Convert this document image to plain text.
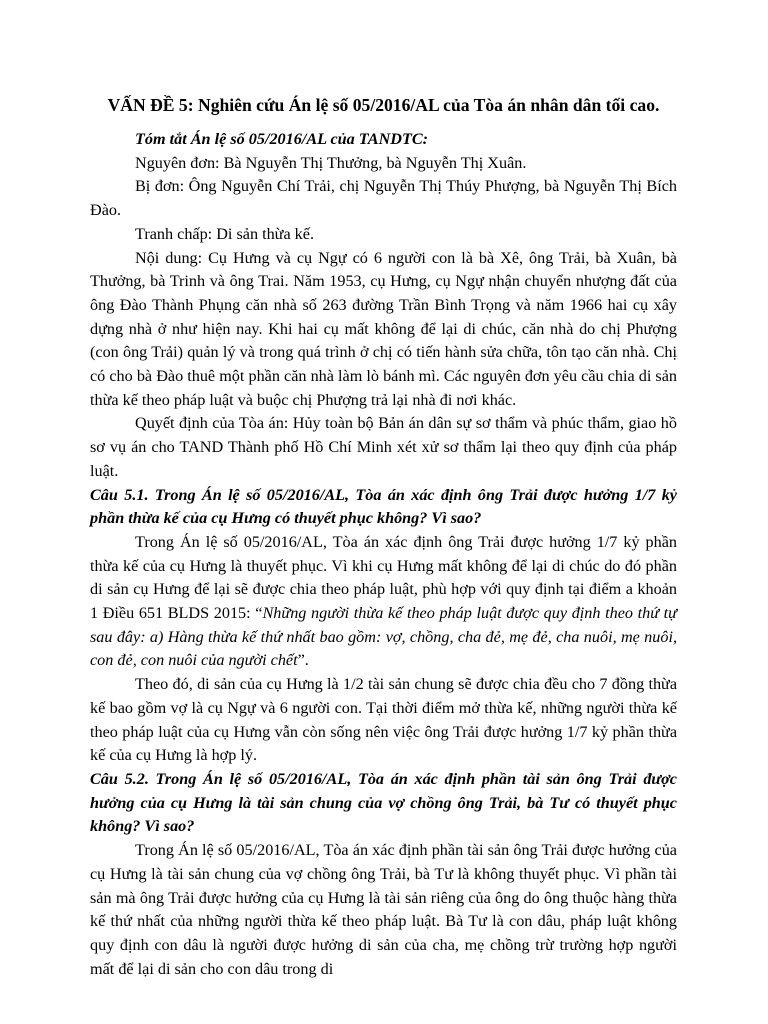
VẤN ĐỀ 5: Nghiên cứu Án lệ số 05/2016/AL của Tòa án nhân dân tối cao.

Tóm tắt Án lệ số 05/2016/AL của TANDTC:

Nguyên đơn: Bà Nguyễn Thị Thưởng, bà Nguyễn Thị Xuân.

Bị đơn: Ông Nguyễn Chí Trải, chị Nguyễn Thị Thúy Phượng, bà Nguyễn Thị Bích Đào.

Tranh chấp: Di sản thừa kế.

Nội dung: Cụ Hưng và cụ Ngự có 6 người con là bà Xê, ông Trải, bà Xuân, bà Thưởng, bà Trinh và ông Trai. Năm 1953, cụ Hưng, cụ Ngự nhận chuyển nhượng đất của ông Đào Thành Phụng căn nhà số 263 đường Trần Bình Trọng và năm 1966 hai cụ xây dựng nhà ở như hiện nay. Khi hai cụ mất không để lại di chúc, căn nhà do chị Phượng (con ông Trải) quản lý và trong quá trình ở chị có tiến hành sửa chữa, tôn tạo căn nhà. Chị có cho bà Đào thuê một phần căn nhà làm lò bánh mì. Các nguyên đơn yêu cầu chia di sản thừa kế theo pháp luật và buộc chị Phượng trả lại nhà đi nơi khác.

Quyết định của Tòa án: Hủy toàn bộ Bản án dân sự sơ thẩm và phúc thẩm, giao hồ sơ vụ án cho TAND Thành phố Hồ Chí Minh xét xử sơ thẩm lại theo quy định của pháp luật.

Câu 5.1. Trong Án lệ số 05/2016/AL, Tòa án xác định ông Trải được hưởng 1/7 kỷ phần thừa kế của cụ Hưng có thuyết phục không? Vì sao?

Trong Án lệ số 05/2016/AL, Tòa án xác định ông Trải được hưởng 1/7 kỷ phần thừa kế của cụ Hưng là thuyết phục. Vì khi cụ Hưng mất không để lại di chúc do đó phần di sản cụ Hưng để lại sẽ được chia theo pháp luật, phù hợp với quy định tại điểm a khoản 1 Điều 651 BLDS 2015: “Những người thừa kế theo pháp luật được quy định theo thứ tự sau đây: a) Hàng thừa kế thứ nhất bao gồm: vợ, chồng, cha đẻ, mẹ đẻ, cha nuôi, mẹ nuôi, con đẻ, con nuôi của người chết”.

Theo đó, di sản của cụ Hưng là 1/2 tài sản chung sẽ được chia đều cho 7 đồng thừa kế bao gồm vợ là cụ Ngự và 6 người con. Tại thời điểm mở thừa kế, những người thừa kế theo pháp luật của cụ Hưng vẫn còn sống nên việc ông Trải được hưởng 1/7 kỷ phần thừa kế của cụ Hưng là hợp lý.

Câu 5.2. Trong Án lệ số 05/2016/AL, Tòa án xác định phần tài sản ông Trải được hưởng của cụ Hưng là tài sản chung của vợ chồng ông Trải, bà Tư có thuyết phục không? Vì sao?

Trong Án lệ số 05/2016/AL, Tòa án xác định phần tài sản ông Trải được hưởng của cụ Hưng là tài sản chung của vợ chồng ông Trải, bà Tư là không thuyết phục. Vì phần tài sản mà ông Trải được hưởng của cụ Hưng là tài sản riêng của ông do ông thuộc hàng thừa kế thứ nhất của những người thừa kế theo pháp luật. Bà Tư là con dâu, pháp luật không quy định con dâu là người được hưởng di sản của cha, mẹ chồng trừ trường hợp người mất để lại di sản cho con dâu trong di
